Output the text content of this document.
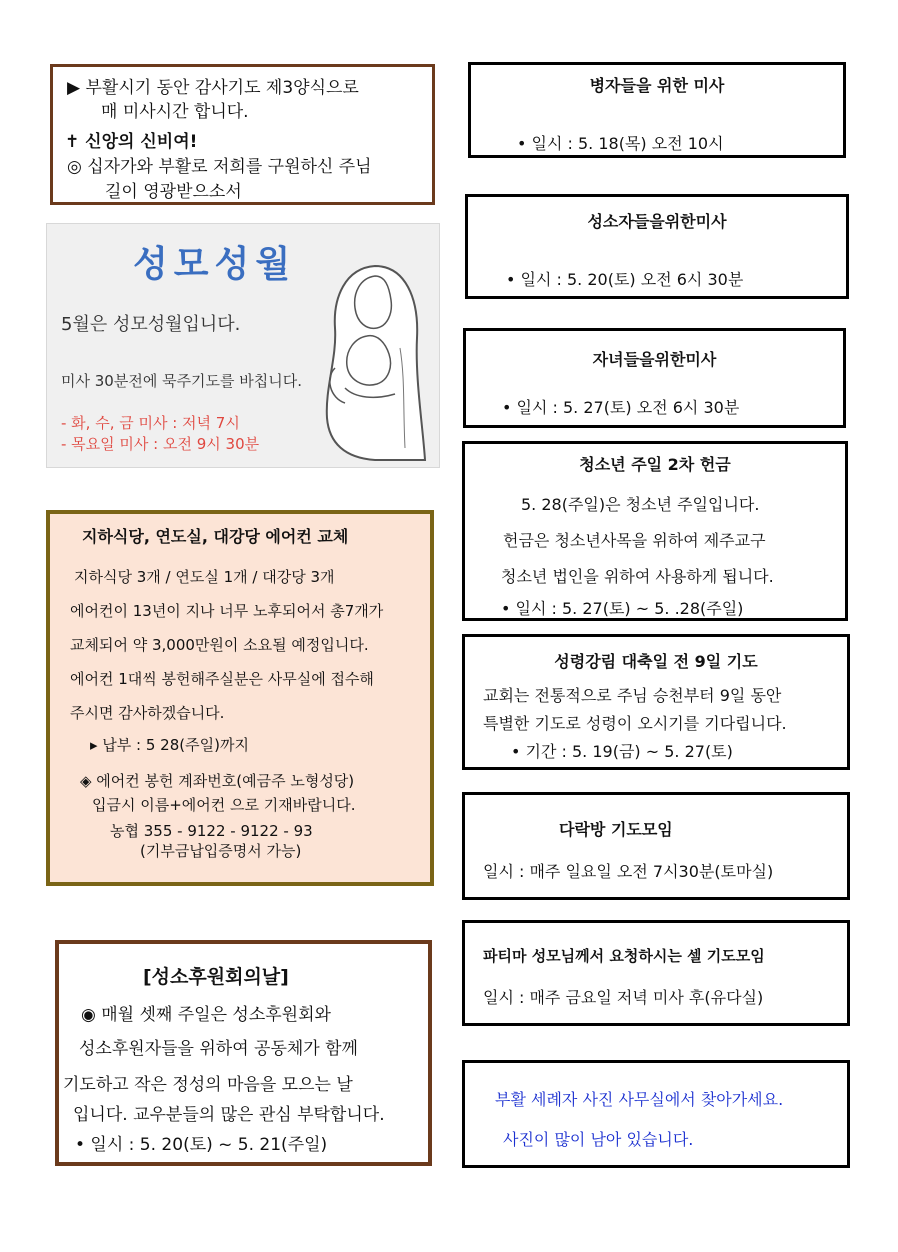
▶ 부활시기 동안 감사기도 제3양식으로
매 미사시간 합니다.
✝ 신앙의 신비여!
◎ 십자가와 부활로 저희를 구원하신 주님
길이 영광받으소서
성모성월
5월은 성모성월입니다.
미사 30분전에 묵주기도를 바칩니다.
- 화, 수, 금 미사 : 저녁 7시
- 목요일 미사 : 오전 9시 30분
지하식당, 연도실, 대강당 에어컨 교체
지하식당 3개 / 연도실 1개 / 대강당 3개
에어컨이 13년이 지나 너무 노후되어서 총7개가
교체되어 약 3,000만원이 소요될 예정입니다.
에어컨 1대씩 봉헌해주실분은 사무실에 접수해
주시면 감사하겠습니다.
▸ 납부 : 5 28(주일)까지
◈ 에어컨 봉헌 계좌번호(예금주 노형성당)
입금시 이름+에어컨 으로 기재바랍니다.
농협 355 - 9122 - 9122 - 93
(기부금납입증명서 가능)
[성소후원회의날]
◉ 매월 셋째 주일은 성소후원회와
성소후원자들을 위하여 공동체가 함께
기도하고 작은 정성의 마음을 모으는 날
입니다. 교우분들의 많은 관심 부탁합니다.
• 일시 : 5. 20(토) ~ 5. 21(주일)
병자들을 위한 미사
• 일시 : 5. 18(목) 오전 10시
성소자들을위한미사
• 일시 : 5. 20(토) 오전 6시 30분
자녀들을위한미사
• 일시 : 5. 27(토) 오전 6시 30분
청소년 주일 2차 헌금
5. 28(주일)은 청소년 주일입니다.
헌금은 청소년사목을 위하여 제주교구
청소년 법인을 위하여 사용하게 됩니다.
• 일시 : 5. 27(토) ~ 5. .28(주일)
성령강림 대축일 전 9일 기도
교회는 전통적으로 주님 승천부터 9일 동안
특별한 기도로 성령이 오시기를 기다립니다.
• 기간 : 5. 19(금) ~ 5. 27(토)
다락방 기도모임
일시 : 매주 일요일 오전 7시30분(토마실)
파티마 성모님께서 요청하시는 셀 기도모임
일시 : 매주 금요일 저녁 미사 후(유다실)
부활 세례자 사진 사무실에서 찾아가세요.
사진이 많이 남아 있습니다.
